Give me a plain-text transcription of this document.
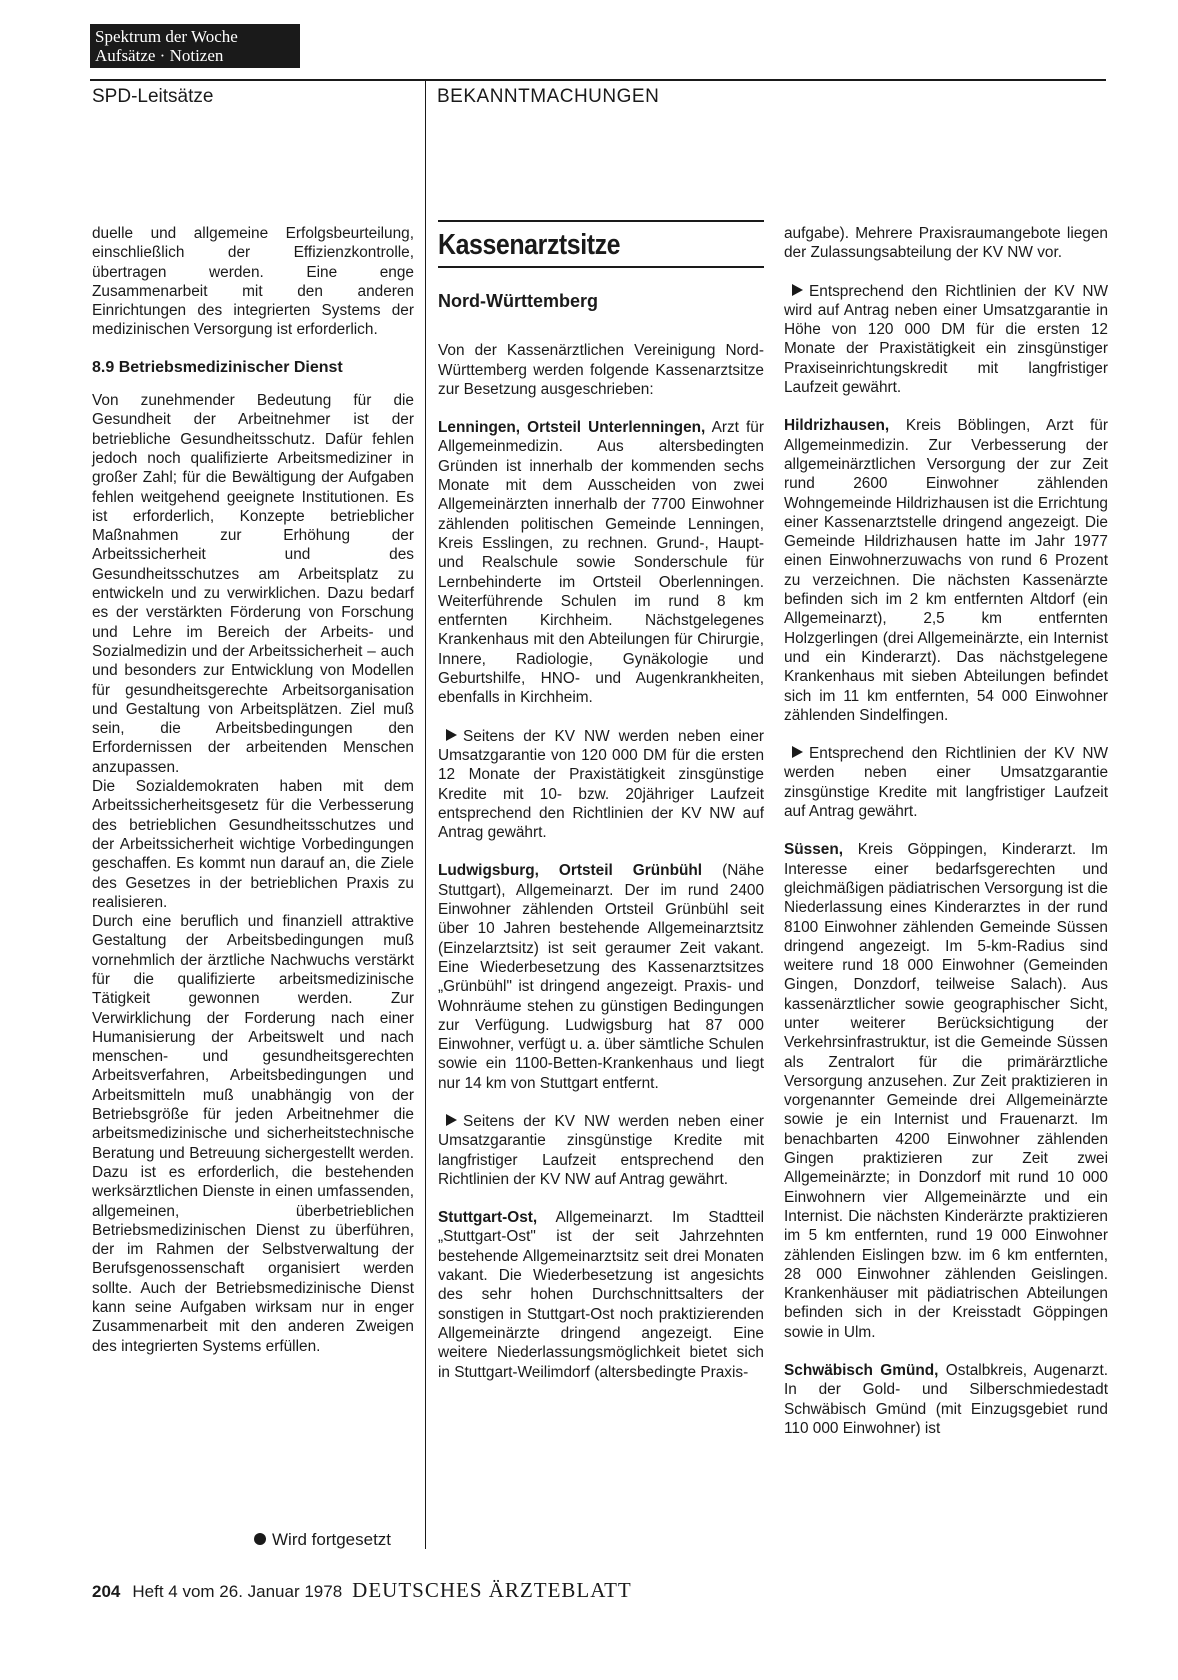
Spektrum der Woche
Aufsätze · Notizen
SPD-Leitsätze	BEKANNTMACHUNGEN

duelle und allgemeine Erfolgsbeurteilung, einschließlich der Effizienzkontrolle, übertragen werden. Eine enge Zusammenarbeit mit den anderen Einrichtungen des integrierten Systems der medizinischen Versorgung ist erforderlich.

8.9 Betriebsmedizinischer Dienst

Von zunehmender Bedeutung für die Gesundheit der Arbeitnehmer ist der betriebliche Gesundheitsschutz. Dafür fehlen jedoch noch qualifizierte Arbeitsmediziner in großer Zahl; für die Bewältigung der Aufgaben fehlen weitgehend geeignete Institutionen. Es ist erforderlich, Konzepte betrieblicher Maßnahmen zur Erhöhung der Arbeitssicherheit und des Gesundheitsschutzes am Arbeitsplatz zu entwickeln und zu verwirklichen. Dazu bedarf es der verstärkten Förderung von Forschung und Lehre im Bereich der Arbeits- und Sozialmedizin und der Arbeitssicherheit – auch und besonders zur Entwicklung von Modellen für gesundheitsgerechte Arbeitsorganisation und Gestaltung von Arbeitsplätzen. Ziel muß sein, die Arbeitsbedingungen den Erfordernissen der arbeitenden Menschen anzupassen.

Die Sozialdemokraten haben mit dem Arbeitssicherheitsgesetz für die Verbesserung des betrieblichen Gesundheitsschutzes und der Arbeitssicherheit wichtige Vorbedingungen geschaffen. Es kommt nun darauf an, die Ziele des Gesetzes in der betrieblichen Praxis zu realisieren.

Durch eine beruflich und finanziell attraktive Gestaltung der Arbeitsbedingungen muß vornehmlich der ärztliche Nachwuchs verstärkt für die qualifizierte arbeitsmedizinische Tätigkeit gewonnen werden. Zur Verwirklichung der Forderung nach einer Humanisierung der Arbeitswelt und nach menschen- und gesundheitsgerechten Arbeitsverfahren, Arbeitsbedingungen und Arbeitsmitteln muß unabhängig von der Betriebsgröße für jeden Arbeitnehmer die arbeitsmedizinische und sicherheitstechnische Beratung und Betreuung sichergestellt werden. Dazu ist es erforderlich, die bestehenden werksärztlichen Dienste in einen umfassenden, allgemeinen, überbetrieblichen Betriebsmedizinischen Dienst zu überführen, der im Rahmen der Selbstverwaltung der Berufsgenossenschaft organisiert werden sollte. Auch der Betriebsmedizinische Dienst kann seine Aufgaben wirksam nur in enger Zusammenarbeit mit den anderen Zweigen des integrierten Systems erfüllen.

Wird fortgesetzt
Kassenarztsitze

Nord-Württemberg

Von der Kassenärztlichen Vereinigung Nord-Württemberg werden folgende Kassenarztsitze zur Besetzung ausgeschrieben:

Lenningen, Ortsteil Unterlenningen, Arzt für Allgemeinmedizin. Aus altersbedingten Gründen ist innerhalb der kommenden sechs Monate mit dem Ausscheiden von zwei Allgemeinärzten innerhalb der 7700 Einwohner zählenden politischen Gemeinde Lenningen, Kreis Esslingen, zu rechnen. Grund-, Haupt- und Realschule sowie Sonderschule für Lernbehinderte im Ortsteil Oberlenningen. Weiterführende Schulen im rund 8 km entfernten Kirchheim. Nächstgelegenes Krankenhaus mit den Abteilungen für Chirurgie, Innere, Radiologie, Gynäkologie und Geburtshilfe, HNO- und Augenkrankheiten, ebenfalls in Kirchheim.

Seitens der KV NW werden neben einer Umsatzgarantie von 120 000 DM für die ersten 12 Monate der Praxistätigkeit zinsgünstige Kredite mit 10- bzw. 20jähriger Laufzeit entsprechend den Richtlinien der KV NW auf Antrag gewährt.

Ludwigsburg, Ortsteil Grünbühl (Nähe Stuttgart), Allgemeinarzt. Der im rund 2400 Einwohner zählenden Ortsteil Grünbühl seit über 10 Jahren bestehende Allgemeinarztsitz (Einzelarztsitz) ist seit geraumer Zeit vakant. Eine Wiederbesetzung des Kassenarztsitzes „Grünbühl" ist dringend angezeigt. Praxis- und Wohnräume stehen zu günstigen Bedingungen zur Verfügung. Ludwigsburg hat 87 000 Einwohner, verfügt u. a. über sämtliche Schulen sowie ein 1100-Betten-Krankenhaus und liegt nur 14 km von Stuttgart entfernt.

Seitens der KV NW werden neben einer Umsatzgarantie zinsgünstige Kredite mit langfristiger Laufzeit entsprechend den Richtlinien der KV NW auf Antrag gewährt.

Stuttgart-Ost, Allgemeinarzt. Im Stadtteil „Stuttgart-Ost" ist der seit Jahrzehnten bestehende Allgemeinarztsitz seit drei Monaten vakant. Die Wiederbesetzung ist angesichts des sehr hohen Durchschnittsalters der sonstigen in Stuttgart-Ost noch praktizierenden Allgemeinärzte dringend angezeigt. Eine weitere Niederlassungsmöglichkeit bietet sich in Stuttgart-Weilimdorf (altersbedingte Praxis-

aufgabe). Mehrere Praxisraumangebote liegen der Zulassungsabteilung der KV NW vor.

Entsprechend den Richtlinien der KV NW wird auf Antrag neben einer Umsatzgarantie in Höhe von 120 000 DM für die ersten 12 Monate der Praxistätigkeit ein zinsgünstiger Praxiseinrichtungskredit mit langfristiger Laufzeit gewährt.

Hildrizhausen, Kreis Böblingen, Arzt für Allgemeinmedizin. Zur Verbesserung der allgemeinärztlichen Versorgung der zur Zeit rund 2600 Einwohner zählenden Wohngemeinde Hildrizhausen ist die Errichtung einer Kassenarztstelle dringend angezeigt. Die Gemeinde Hildrizhausen hatte im Jahr 1977 einen Einwohnerzuwachs von rund 6 Prozent zu verzeichnen. Die nächsten Kassenärzte befinden sich im 2 km entfernten Altdorf (ein Allgemeinarzt), 2,5 km entfernten Holzgerlingen (drei Allgemeinärzte, ein Internist und ein Kinderarzt). Das nächstgelegene Krankenhaus mit sieben Abteilungen befindet sich im 11 km entfernten, 54 000 Einwohner zählenden Sindelfingen.

Entsprechend den Richtlinien der KV NW werden neben einer Umsatzgarantie zinsgünstige Kredite mit langfristiger Laufzeit auf Antrag gewährt.

Süssen, Kreis Göppingen, Kinderarzt. Im Interesse einer bedarfsgerechten und gleichmäßigen pädiatrischen Versorgung ist die Niederlassung eines Kinderarztes in der rund 8100 Einwohner zählenden Gemeinde Süssen dringend angezeigt. Im 5-km-Radius sind weitere rund 18 000 Einwohner (Gemeinden Gingen, Donzdorf, teilweise Salach). Aus kassenärztlicher sowie geographischer Sicht, unter weiterer Berücksichtigung der Verkehrsinfrastruktur, ist die Gemeinde Süssen als Zentralort für die primärärztliche Versorgung anzusehen. Zur Zeit praktizieren in vorgenannter Gemeinde drei Allgemeinärzte sowie je ein Internist und Frauenarzt. Im benachbarten 4200 Einwohner zählenden Gingen praktizieren zur Zeit zwei Allgemeinärzte; in Donzdorf mit rund 10 000 Einwohnern vier Allgemeinärzte und ein Internist. Die nächsten Kinderärzte praktizieren im 5 km entfernten, rund 19 000 Einwohner zählenden Eislingen bzw. im 6 km entfernten, 28 000 Einwohner zählenden Geislingen. Krankenhäuser mit pädiatrischen Abteilungen befinden sich in der Kreisstadt Göppingen sowie in Ulm.

Schwäbisch Gmünd, Ostalbkreis, Augenarzt. In der Gold- und Silberschmiedestadt Schwäbisch Gmünd (mit Einzugsgebiet rund 110 000 Einwohner) ist

204 Heft 4 vom 26. Januar 1978 DEUTSCHES ÄRZTEBLATT
